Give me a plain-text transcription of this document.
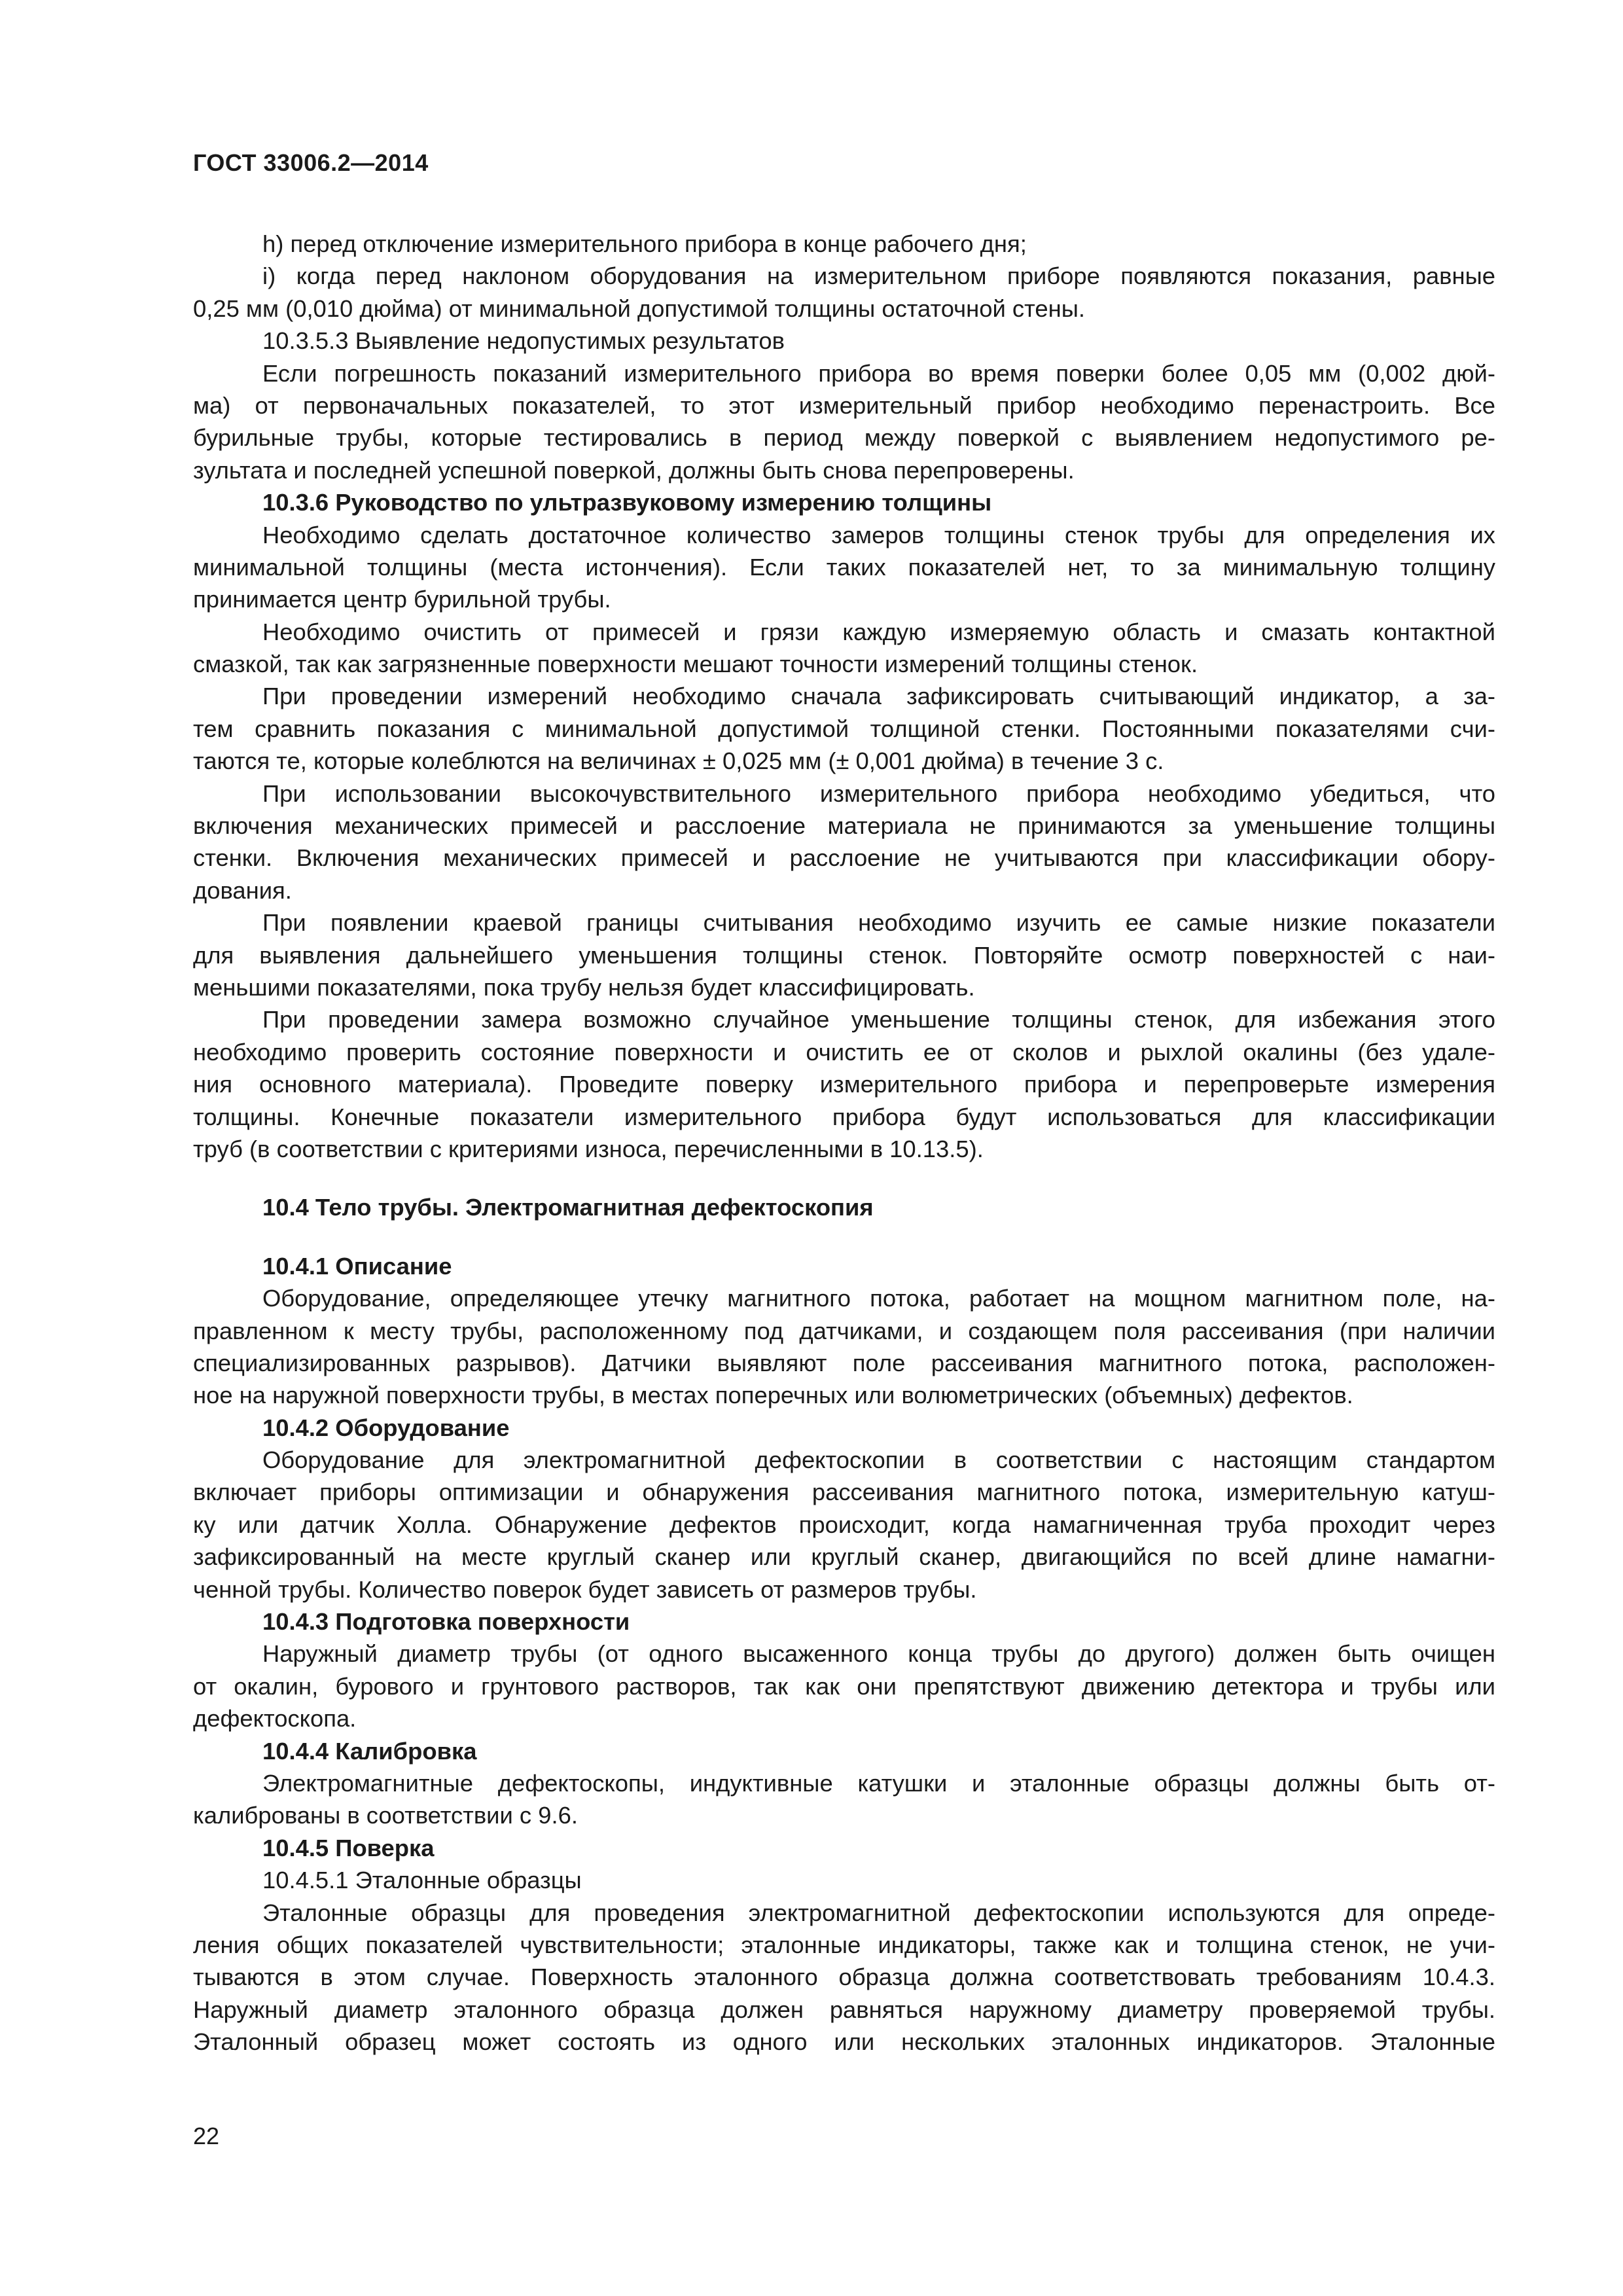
ГОСТ 33006.2—2014
h) перед отключение измерительного прибора в конце рабочего дня;
i) когда перед наклоном оборудования на измерительном приборе появляются показания, равные
0,25 мм (0,010 дюйма) от минимальной допустимой толщины остаточной стены.
10.3.5.3 Выявление недопустимых результатов
Если погрешность показаний измерительного прибора во время поверки более 0,05 мм (0,002 дюй-
ма) от первоначальных показателей, то этот измерительный прибор необходимо перенастроить. Все
бурильные трубы, которые тестировались в период между поверкой с выявлением недопустимого ре-
зультата и последней успешной поверкой, должны быть снова перепроверены.
10.3.6 Руководство по ультразвуковому измерению толщины
Необходимо сделать достаточное количество замеров толщины стенок трубы для определения их
минимальной толщины (места истончения). Если таких показателей нет, то за минимальную толщину
принимается центр бурильной трубы.
Необходимо очистить от примесей и грязи каждую измеряемую область и смазать контактной
смазкой, так как загрязненные поверхности мешают точности измерений толщины стенок.
При проведении измерений необходимо сначала зафиксировать считывающий индикатор, а за-
тем сравнить показания с минимальной допустимой толщиной стенки. Постоянными показателями счи-
таются те, которые колеблются на величинах ± 0,025 мм (± 0,001 дюйма) в течение 3 с.
При использовании высокочувствительного измерительного прибора необходимо убедиться, что
включения механических примесей и расслоение материала не принимаются за уменьшение толщины
стенки. Включения механических примесей и расслоение не учитываются при классификации обору-
дования.
При появлении краевой границы считывания необходимо изучить ее самые низкие показатели
для выявления дальнейшего уменьшения толщины стенок. Повторяйте осмотр поверхностей с наи-
меньшими показателями, пока трубу нельзя будет классифицировать.
При проведении замера возможно случайное уменьшение толщины стенок, для избежания этого
необходимо проверить состояние поверхности и очистить ее от сколов и рыхлой окалины (без удале-
ния основного материала). Проведите поверку измерительного прибора и перепроверьте измерения
толщины. Конечные показатели измерительного прибора будут использоваться для классификации
труб (в соответствии с критериями износа, перечисленными в 10.13.5).
10.4 Тело трубы. Электромагнитная дефектоскопия
10.4.1 Описание
Оборудование, определяющее утечку магнитного потока, работает на мощном магнитном поле, на-
правленном к месту трубы, расположенному под датчиками, и создающем поля рассеивания (при наличии
специализированных разрывов). Датчики выявляют поле рассеивания магнитного потока, расположен-
ное на наружной поверхности трубы, в местах поперечных или волюметрических (объемных) дефектов.
10.4.2 Оборудование
Оборудование для электромагнитной дефектоскопии в соответствии с настоящим стандартом
включает приборы оптимизации и обнаружения рассеивания магнитного потока, измерительную катуш-
ку или датчик Холла. Обнаружение дефектов происходит, когда намагниченная труба проходит через
зафиксированный на месте круглый сканер или круглый сканер, двигающийся по всей длине намагни-
ченной трубы. Количество поверок будет зависеть от размеров трубы.
10.4.3 Подготовка поверхности
Наружный диаметр трубы (от одного высаженного конца трубы до другого) должен быть очищен
от окалин, бурового и грунтового растворов, так как они препятствуют движению детектора и трубы или
дефектоскопа.
10.4.4 Калибровка
Электромагнитные дефектоскопы, индуктивные катушки и эталонные образцы должны быть от-
калиброваны в соответствии с 9.6.
10.4.5 Поверка
10.4.5.1 Эталонные образцы
Эталонные образцы для проведения электромагнитной дефектоскопии используются для опреде-
ления общих показателей чувствительности; эталонные индикаторы, также как и толщина стенок, не учи-
тываются в этом случае. Поверхность эталонного образца должна соответствовать требованиям 10.4.3.
Наружный диаметр эталонного образца должен равняться наружному диаметру проверяемой трубы.
Эталонный образец может состоять из одного или нескольких эталонных индикаторов. Эталонные
22
